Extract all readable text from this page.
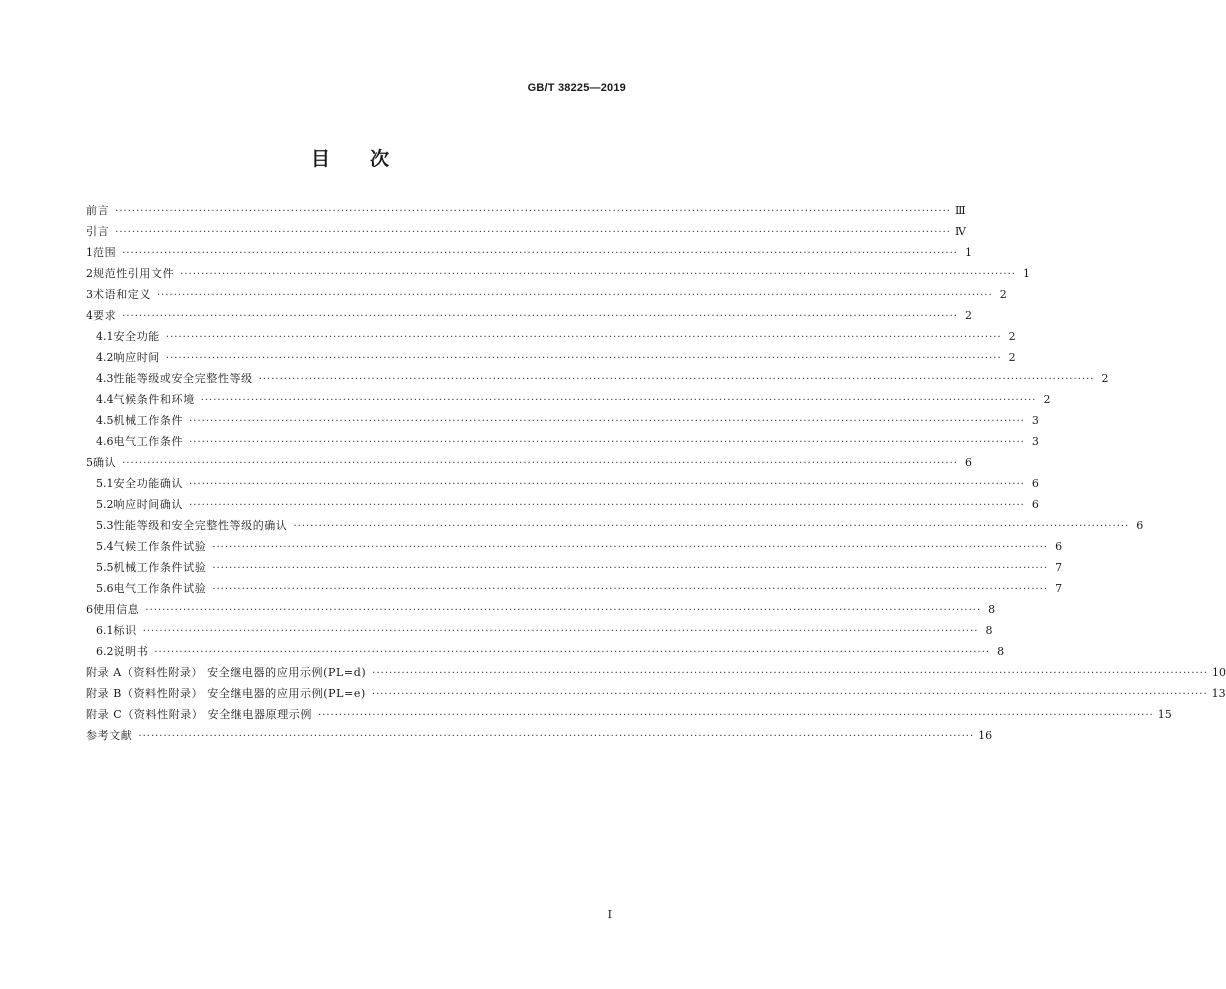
GB/T 38225—2019
目 次
前言 ········································································································································································································ Ⅲ
引言 ········································································································································································································ Ⅳ
1 范围 ········································································································································································································ 1
2 规范性引用文件 ········································································································································································································ 1
3 术语和定义 ········································································································································································································ 2
4 要求 ········································································································································································································ 2
4.1 安全功能 ········································································································································································································ 2
4.2 响应时间 ········································································································································································································ 2
4.3 性能等级或安全完整性等级 ········································································································································································································ 2
4.4 气候条件和环境 ········································································································································································································ 2
4.5 机械工作条件 ········································································································································································································ 3
4.6 电气工作条件 ········································································································································································································ 3
5 确认 ········································································································································································································ 6
5.1 安全功能确认 ········································································································································································································ 6
5.2 响应时间确认 ········································································································································································································ 6
5.3 性能等级和安全完整性等级的确认 ········································································································································································································ 6
5.4 气候工作条件试验 ········································································································································································································ 6
5.5 机械工作条件试验 ········································································································································································································ 7
5.6 电气工作条件试验 ········································································································································································································ 7
6 使用信息 ········································································································································································································ 8
6.1 标识 ········································································································································································································ 8
6.2 说明书 ········································································································································································································ 8
附录 A（资料性附录） 安全继电器的应用示例(PL=d) ········································································································································································································ 10
附录 B（资料性附录） 安全继电器的应用示例(PL=e) ········································································································································································································ 13
附录 C（资料性附录） 安全继电器原理示例 ········································································································································································································ 15
参考文献 ········································································································································································································ 16
I
